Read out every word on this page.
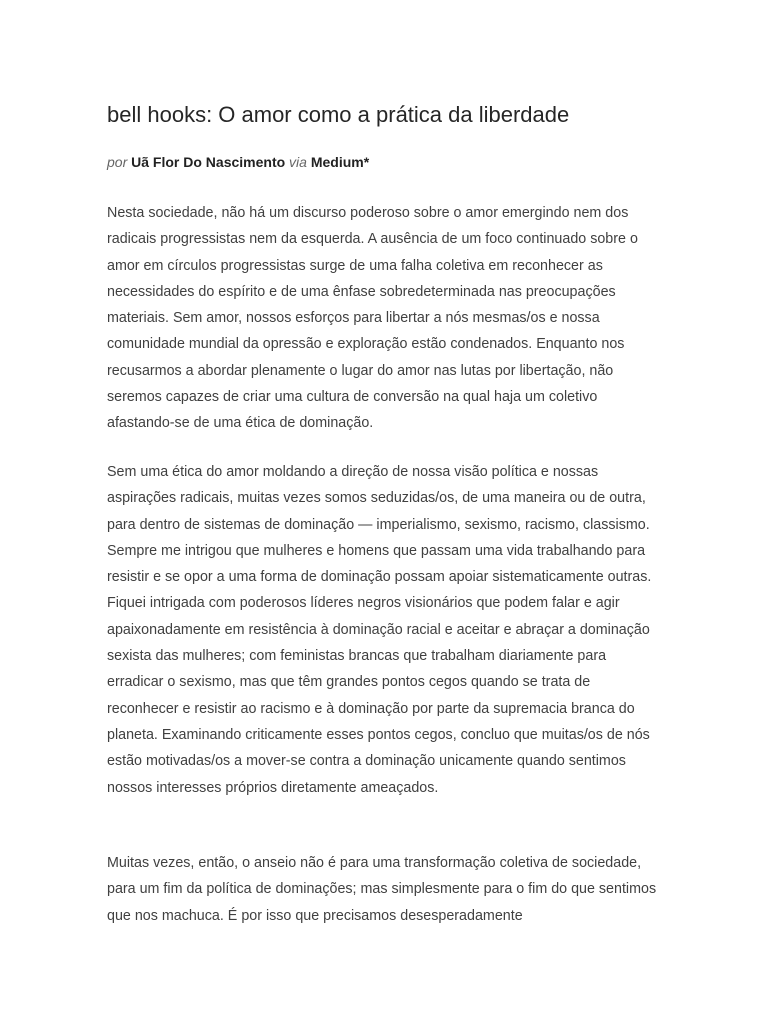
bell hooks: O amor como a prática da liberdade
por Uã Flor Do Nascimento via Medium*

Nesta sociedade, não há um discurso poderoso sobre o amor emergindo nem dos radicais progressistas nem da esquerda. A ausência de um foco continuado sobre o amor em círculos progressistas surge de uma falha coletiva em reconhecer as necessidades do espírito e de uma ênfase sobredeterminada nas preocupações materiais. Sem amor, nossos esforços para libertar a nós mesmas/os e nossa comunidade mundial da opressão e exploração estão condenados. Enquanto nos recusarmos a abordar plenamente o lugar do amor nas lutas por libertação, não seremos capazes de criar uma cultura de conversão na qual haja um coletivo afastando-se de uma ética de dominação.

Sem uma ética do amor moldando a direção de nossa visão política e nossas aspirações radicais, muitas vezes somos seduzidas/os, de uma maneira ou de outra, para dentro de sistemas de dominação — imperialismo, sexismo, racismo, classismo. Sempre me intrigou que mulheres e homens que passam uma vida trabalhando para resistir e se opor a uma forma de dominação possam apoiar sistematicamente outras. Fiquei intrigada com poderosos líderes negros visionários que podem falar e agir apaixonadamente em resistência à dominação racial e aceitar e abraçar a dominação sexista das mulheres; com feministas brancas que trabalham diariamente para erradicar o sexismo, mas que têm grandes pontos cegos quando se trata de reconhecer e resistir ao racismo e à dominação por parte da supremacia branca do planeta. Examinando criticamente esses pontos cegos, concluo que muitas/os de nós estão motivadas/os a mover-se contra a dominação unicamente quando sentimos nossos interesses próprios diretamente ameaçados.

Muitas vezes, então, o anseio não é para uma transformação coletiva de sociedade, para um fim da política de dominações; mas simplesmente para o fim do que sentimos que nos machuca. É por isso que precisamos desesperadamente
